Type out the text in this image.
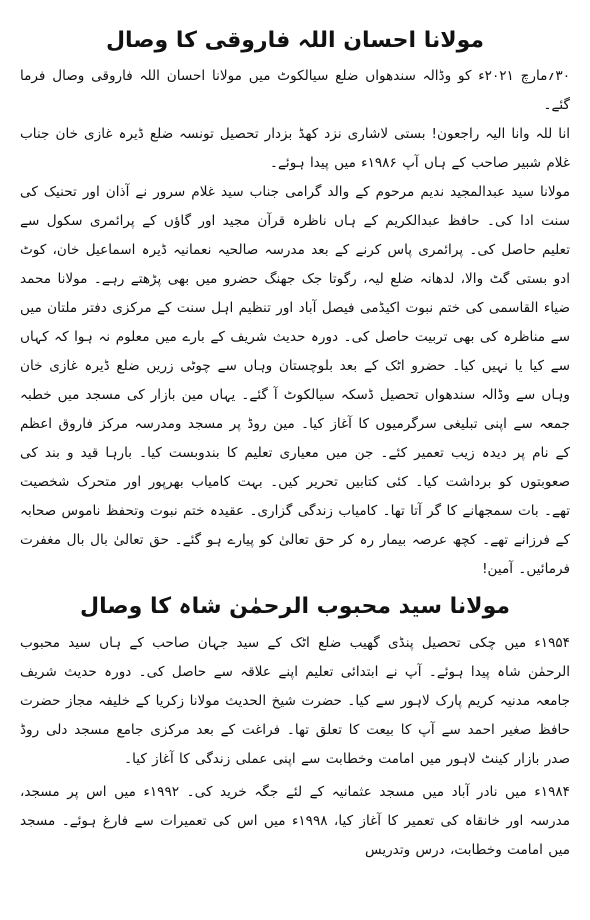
مولانا احسان اللہ فاروقی کا وصال

۳۰؍مارچ ۲۰۲۱ء کو وڈالہ سندھواں ضلع سیالکوٹ میں مولانا احسان اللہ فاروقی وصال فرما گئے۔

انا للہ وانا الیہ راجعون! بستی لاشاری نزد کھڈ بزدار تحصیل تونسہ ضلع ڈیرہ غازی خان جناب غلام شبیر صاحب کے ہاں آپ ۱۹۸۶ء میں پیدا ہوئے۔

مولانا سید عبدالمجید ندیم مرحوم کے والد گرامی جناب سید غلام سرور نے آذان اور تحنیک کی سنت ادا کی۔ حافظ عبدالکریم کے ہاں ناظرہ قرآن مجید اور گاؤں کے پرائمری سکول سے تعلیم حاصل کی۔ پرائمری پاس کرنے کے بعد مدرسہ صالحیہ نعمانیہ ڈیرہ اسماعیل خان، کوٹ ادو بستی گٹ والا، لدھانہ ضلع لیہ، رگوتا جک جھنگ حضرو میں بھی پڑھتے رہے۔ مولانا محمد ضیاء القاسمی کی ختم نبوت اکیڈمی فیصل آباد اور تنظیم اہل سنت کے مرکزی دفتر ملتان میں سے مناظرہ کی بھی تربیت حاصل کی۔ دورہ حدیث شریف کے بارے میں معلوم نہ ہوا کہ کہاں سے کیا یا نہیں کیا۔ حضرو اٹک کے بعد بلوچستان وہاں سے چوٹی زریں ضلع ڈیرہ غازی خان وہاں سے وڈالہ سندھواں تحصیل ڈسکہ سیالکوٹ آ گئے۔ یہاں مین بازار کی مسجد میں خطبہ جمعہ سے اپنی تبلیغی سرگرمیوں کا آغاز کیا۔ مین روڈ پر مسجد ومدرسہ مرکز فاروق اعظم کے نام پر دیدہ زیب تعمیر کئے۔ جن میں معیاری تعلیم کا بندوبست کیا۔ بارہا قید و بند کی صعوبتوں کو برداشت کیا۔ کئی کتابیں تحریر کیں۔ بہت کامیاب بھرپور اور متحرک شخصیت تھے۔ بات سمجھانے کا گر آتا تھا۔ کامیاب زندگی گزاری۔ عقیدہ ختم نبوت وتحفظ ناموس صحابہ کے فرزانے تھے۔ کچھ عرصہ بیمار رہ کر حق تعالیٰ کو پیارے ہو گئے۔ حق تعالیٰ بال بال مغفرت فرمائیں۔ آمین!

مولانا سید محبوب الرحمٰن شاہ کا وصال

۱۹۵۴ء میں چکی تحصیل پنڈی گھیب ضلع اٹک کے سید جہان صاحب کے ہاں سید محبوب الرحمٰن شاہ پیدا ہوئے۔ آپ نے ابتدائی تعلیم اپنے علاقہ سے حاصل کی۔ دورہ حدیث شریف جامعہ مدنیہ کریم پارک لاہور سے کیا۔ حضرت شیخ الحدیث مولانا زکریا کے خلیفہ مجاز حضرت حافظ صغیر احمد سے آپ کا بیعت کا تعلق تھا۔ فراغت کے بعد مرکزی جامع مسجد دلی روڈ صدر بازار کینٹ لاہور میں امامت وخطابت سے اپنی عملی زندگی کا آغاز کیا۔

۱۹۸۴ء میں نادر آباد میں مسجد عثمانیہ کے لئے جگہ خرید کی۔ ۱۹۹۲ء میں اس پر مسجد، مدرسہ اور خانقاہ کی تعمیر کا آغاز کیا، ۱۹۹۸ء میں اس کی تعمیرات سے فارغ ہوئے۔ مسجد میں امامت وخطابت، درس وتدریس
